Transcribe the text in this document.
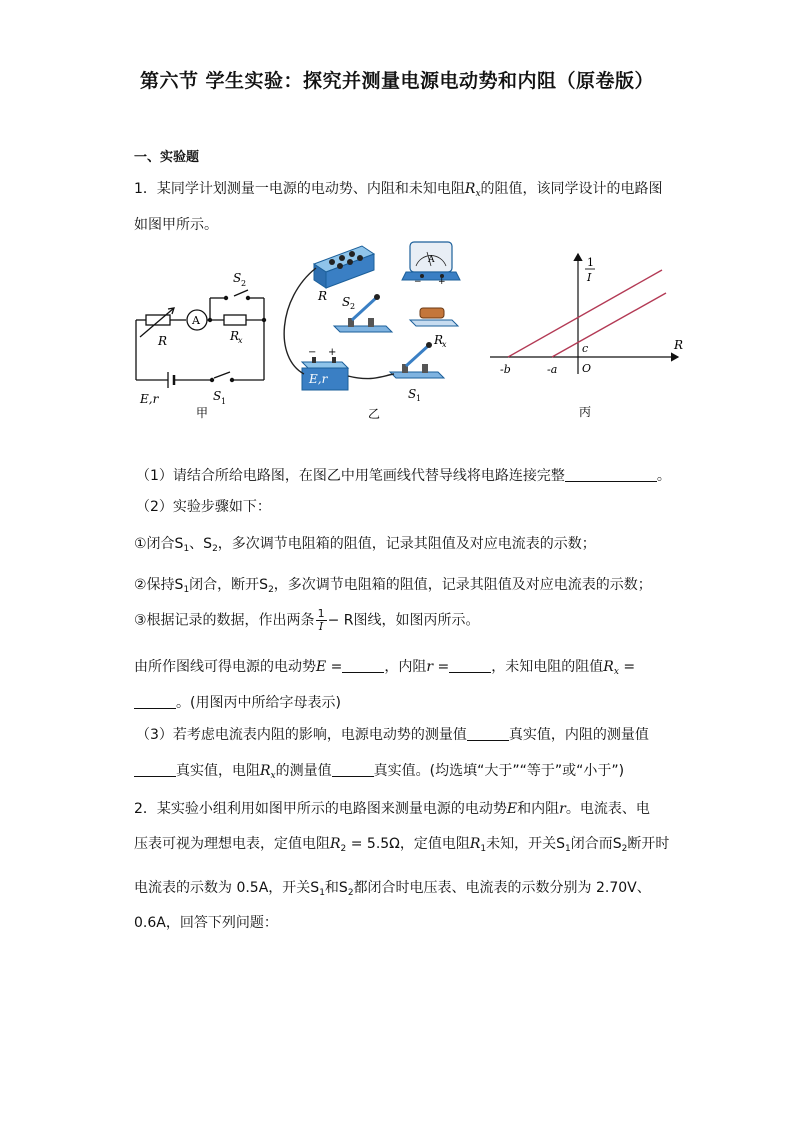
第六节 学生实验：探究并测量电源电动势和内阻（原卷版）
一、实验题
1．某同学计划测量一电源的电动势、内阻和未知电阻$R_x$的阻值，该同学设计的电路图
如图甲所示。
A
S 2
R	R
x
E,r	S 1
甲
A
− +
− +
E,r
R S 2
R
x
S 1
乙
1
I
R
-b	-a
c
O
丙
（1）请结合所给电路图，在图乙中用笔画线代替导线将电路连接完整	。
（2）实验步骤如下：
①闭合$S_1$、$S_2$，多次调节电阻箱的阻值，记录其阻值及对应电流表的示数；
②保持$S_1$闭合，断开$S_2$，多次调节电阻箱的阻值，记录其阻值及对应电流表的示数；
③根据记录的数据，作出两条 $\frac{1}{I} - R$图线，如图丙所示。
由所作图线可得电源的电动势E =	，内阻r =	，未知电阻的阻值$R_x$ =
。(用图丙中所给字母表示)
（3）若考虑电流表内阻的影响，电源电动势的测量值	真实值，内阻的测量值
真实值，电阻$R_x$的测量值	真实值。(均选填“大于”“等于”或“小于”)
2．某实验小组利用如图甲所示的电路图来测量电源的电动势E和内阻r。电流表、电
压表可视为理想电表，定值电阻$R_2 = 5.5\Omega$，定值电阻$R_1$未知，开关$S_1$闭合而$S_2$断开时
电流表的示数为 0.5A，开关$S_1$和$S_2$都闭合时电压表、电流表的示数分别为 2.70V、
0.6A，回答下列问题：
